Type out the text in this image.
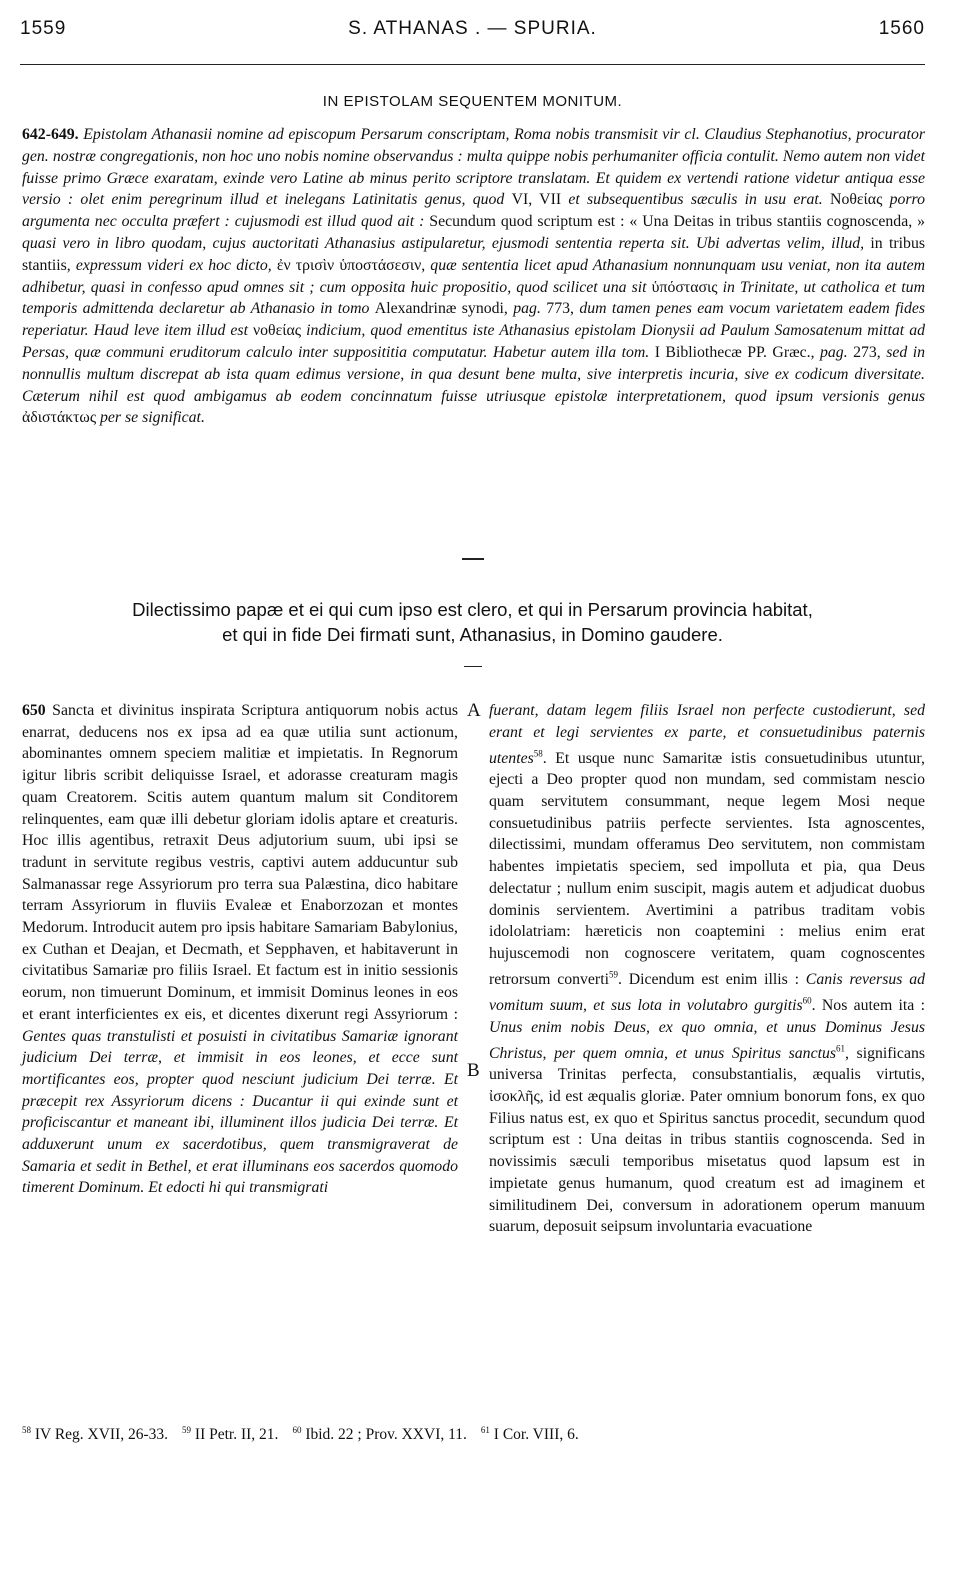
1559	S. ATHANAS . — SPURIA.	1560
IN EPISTOLAM SEQUENTEM MONITUM.

642-649. Epistolam Athanasii nomine ad episcopum Persarum conscriptam, Roma nobis transmisit vir cl. Claudius Stephanotius, procurator gen. nostræ congregationis, non hoc uno nobis nomine observandus : multa quippe nobis perhumaniter officia contulit. Nemo autem non videt fuisse primo Græce exaratam, exinde vero Latine ab minus perito scriptore translatam. Et quidem ex vertendi ratione videtur antiqua esse versio : olet enim peregrinum illud et inelegans Latinitatis genus, quod VI, VII et subsequentibus sæculis in usu erat. Νοθείας porro argumenta nec occulta præfert : cujusmodi est illud quod ait : Secundum quod scriptum est : « Una Deitas in tribus stantiis cognoscenda, » quasi vero in libro quodam, cujus auctoritati Athanasius astipularetur, ejusmodi sententia reperta sit. Ubi advertas velim, illud, in tribus stantiis, expressum videri ex hoc dicto, ἐν τρισὶν ὑποστάσεσιν, quæ sententia licet apud Athanasium nonnunquam usu veniat, non ita autem adhibetur, quasi in confesso apud omnes sit ; cum opposita huic propositio, quod scilicet una sit ὑπόστασις in Trinitate, ut catholica et tum temporis admittenda declaretur ab Athanasio in tomo Alexandrinæ synodi, pag. 773, dum tamen penes eam vocum varietatem eadem fides reperiatur. Haud leve item illud est νοθείας indicium, quod ementitus iste Athanasius epistolam Dionysii ad Paulum Samosatenum mittat ad Persas, quæ communi eruditorum calculo inter supposititia computatur. Habetur autem illa tom. I Bibliothecæ PP. Græc., pag. 273, sed in nonnullis multum discrepat ab ista quam edimus versione, in qua desunt bene multa, sive interpretis incuria, sive ex codicum diversitate. Cæterum nihil est quod ambigamus ab eodem concinnatum fuisse utriusque epistolæ interpretationem, quod ipsum versionis genus ἀδιστάκτως per se significat.

Dilectissimo papæ et ei qui cum ipso est clero, et qui in Persarum provincia habitat,
et qui in fide Dei firmati sunt, Athanasius, in Domino gaudere.

650 Sancta et divinitus inspirata Scriptura antiquorum nobis actus enarrat, deducens nos ex ipsa ad ea quæ utilia sunt actionum, abominantes omnem speciem malitiæ et impietatis. In Regnorum igitur libris scribit deliquisse Israel, et adorasse creaturam magis quam Creatorem. Scitis autem quantum malum sit Conditorem relinquentes, eam quæ illi debetur gloriam idolis aptare et creaturis. Hoc illis agentibus, retraxit Deus adjutorium suum, ubi ipsi se tradunt in servitute regibus vestris, captivi autem adducuntur sub Salmanassar rege Assyriorum pro terra sua Palæstina, dico habitare terram Assyriorum in fluviis Evaleæ et Enaborzozan et montes Medorum. Introducit autem pro ipsis habitare Samariam Babylonius, ex Cuthan et Deajan, et Decmath, et Sepphaven, et habitaverunt in civitatibus Samariæ pro filiis Israel. Et factum est in initio sessionis eorum, non timuerunt Dominum, et immisit Dominus leones in eos et erant interficientes ex eis, et dicentes dixerunt regi Assyriorum : Gentes quas transtulisti et posuisti in civitatibus Samariæ ignorant judicium Dei terræ, et immisit in eos leones, et ecce sunt mortificantes eos, propter quod nesciunt judicium Dei terræ. Et præcepit rex Assyriorum dicens : Ducantur ii qui exinde sunt et proficiscantur et maneant ibi, illuminent illos judicia Dei terræ. Et adduxerunt unum ex sacerdotibus, quem transmigraverat de Samaria et sedit in Bethel, et erat illuminans eos sacerdos quomodo timerent Dominum. Et edocti hi qui transmigrati

A
B

fuerant, datam legem filiis Israel non perfecte custodierunt, sed erant et legi servientes ex parte, et consuetudinibus paternis utentes$^{58}$. Et usque nunc Samaritæ istis consuetudinibus utuntur, ejecti a Deo propter quod non mundam, sed commistam nescio quam servitutem consummant, neque legem Mosi neque consuetudinibus patriis perfecte servientes. Ista agnoscentes, dilectissimi, mundam offeramus Deo servitutem, non commistam habentes impietatis speciem, sed impolluta et pia, qua Deus delectatur ; nullum enim suscipit, magis autem et adjudicat duobus dominis servientem. Avertimini a patribus traditam vobis idololatriam: hæreticis non coaptemini : melius enim erat hujuscemodi non cognoscere veritatem, quam cognoscentes retrorsum converti$^{59}$. Dicendum est enim illis : Canis reversus ad vomitum suum, et sus lota in volutabro gurgitis$^{60}$. Nos autem ita : Unus enim nobis Deus, ex quo omnia, et unus Dominus Jesus Christus, per quem omnia, et unus Spiritus sanctus$^{61}$, significans universa Trinitas perfecta, consubstantialis, æqualis virtutis, ἰσοκλῆς, id est æqualis gloriæ. Pater omnium bonorum fons, ex quo Filius natus est, ex quo et Spiritus sanctus procedit, secundum quod scriptum est : Una deitas in tribus stantiis cognoscenda. Sed in novissimis sæculi temporibus misetatus quod lapsum est in impietate genus humanum, quod creatum est ad imaginem et similitudinem Dei, conversum in adorationem operum manuum suarum, deposuit seipsum involuntaria evacuatione

$^{58}$ IV Reg. XVII, 26-33. $^{59}$ II Petr. II, 21. $^{60}$ Ibid. 22 ; Prov. XXVI, 11. $^{61}$ I Cor. VIII, 6.
